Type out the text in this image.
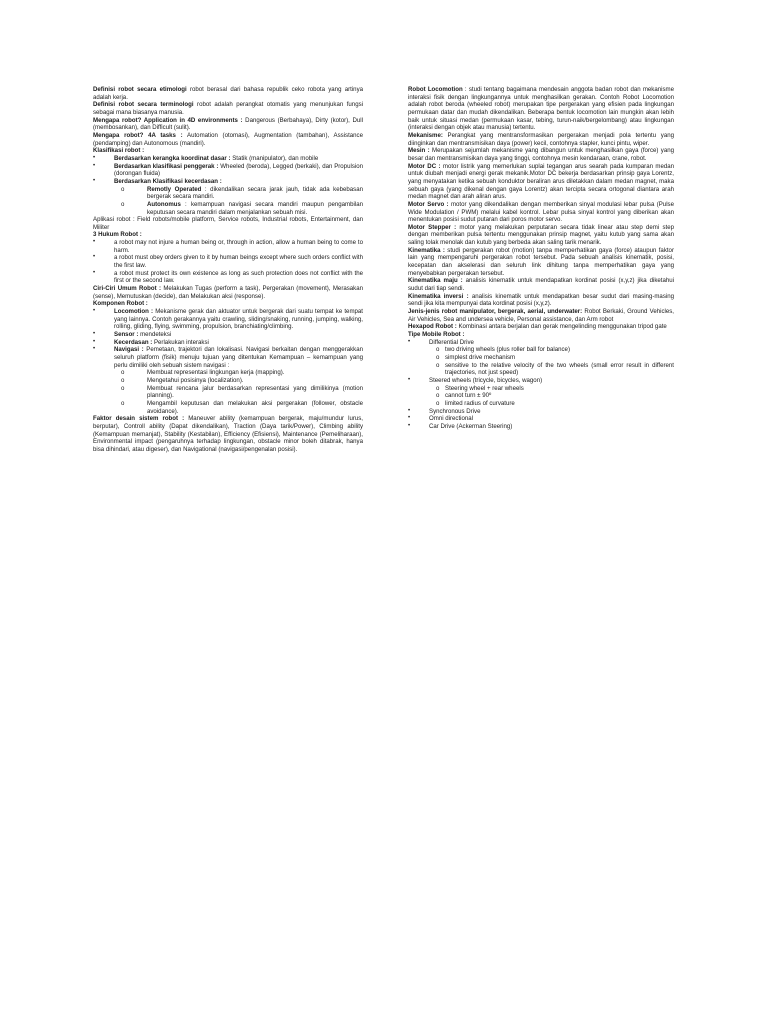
Definisi robot secara etimologi robot berasal dari bahasa republik ceko robota yang artinya adalah kerja.

Definisi robot secara terminologi robot adalah perangkat otomatis yang menunjukan fungsi sebagai mana biasanya manusia.

Mengapa robot? Application in 4D environments : Dangerous (Berbahaya), Dirty (kotor), Dull (membosankan), dan Difficult (sulit).

Mengapa robot? 4A tasks : Automation (otomasi), Augmentation (tambahan), Assistance (pendamping) dan Autonomous (mandiri).

Klasifikasi robot :

•	Berdasarkan kerangka koordinat dasar : Statik (manipulator), dan mobile
•	Berdasarkan klasifikasi penggerak : Wheeled (beroda), Legged (berkaki), dan Propulsion (dorongan fluida)
•	Berdasarkan Klasifikasi kecerdasan :
o	Remotly Operated : dikendalikan secara jarak jauh, tidak ada kebebasan bergerak secara mandiri.
o	Autonomus : kemampuan navigasi secara mandiri maupun pengambilan keputusan secara mandiri dalam menjalankan sebuah misi.

Aplikasi robot : Field robots/mobile platform, Service robots, Industrial robots, Entertainment, dan Militer

3 Hukum Robot :

•	a robot may not injure a human being or, through in action, allow a human being to come to harm.
•	a robot must obey orders given to it by human beings except where such orders conflict with the first law.
•	a robot must protect its own existence as long as such protection does not conflict with the first or the second law.

Ciri-Ciri Umum Robot : Melakukan Tugas (perform a task), Pergerakan (movement), Merasakan (sense), Memutuskan (decide), dan Melakukan aksi (response).

Komponen Robot :

•	Locomotion : Mekanisme gerak dan aktuator untuk bergerak dari suatu tempat ke tempat yang lainnya. Contoh gerakannya yaitu crawling, sliding/snaking, running, jumping, walking, rolling, gliding, flying, swimming, propulsion, branchiating/climbing.
•	Sensor : mendeteksi
•	Kecerdasan : Perlakukan interaksi
•	Navigasi : Pemetaan, trajektori dan lokalisasi. Navigasi berkaitan dengan menggerakkan seluruh platform (fisik) menuju tujuan yang ditentukan Kemampuan – kemampuan yang perlu dimiliki oleh sebuah sistem navigasi :
o	Membuat representasi lingkungan kerja (mapping).
o	Mengetahui posisinya (localization).
o	Membuat rencana jalur berdasarkan representasi yang dimilikinya (motion planning).
o	Mengambil keputusan dan melakukan aksi pergerakan (follower, obstacle avoidance).

Faktor desain sistem robot : Maneuver ability (kemampuan bergerak, maju/mundur lurus, berputar), Controll ability (Dapat dikendalikan), Traction (Daya tarik/Power), Climbing ability (Kemampuan memanjat), Stability (Kestabilan), Efficiency (Efisiensi), Maintenance (Pemeliharaan), Environmental impact (pengaruhnya terhadap lingkungan, obstacle minor boleh ditabrak, hanya bisa dihindari, atau digeser), dan Navigational (navigasi/pengenalan posisi).

Robot Locomotion : studi tentang bagaimana mendesain anggota badan robot dan mekanisme interaksi fisik dengan lingkungannya untuk menghasilkan gerakan. Contoh Robot Locomotion adalah robot beroda (wheeled robot) merupakan tipe pergerakan yang efisien pada lingkungan permukaan datar dan mudah dikendalikan. Beberapa bentuk locomotion lain mungkin akan lebih baik untuk situasi medan (permukaan kasar, tebing, turun-naik/bergelombang) atau lingkungan (interaksi dengan objek atau manusia) tertentu.

Mekanisme: Perangkat yang mentransformasikan pergerakan menjadi pola tertentu yang diinginkan dan mentransmisikan daya (power) kecil, contohnya stapler, kunci pintu, wiper.

Mesin : Merupakan sejumlah mekanisme yang dibangun untuk menghasilkan gaya (force) yang besar dan mentransmisikan daya yang tinggi, contohnya mesin kendaraan, crane, robot.

Motor DC : motor listrik yang memerlukan suplai tegangan arus searah pada kumparan medan untuk diubah menjadi energi gerak mekanik.Motor DC bekerja berdasarkan prinsip gaya Lorentz, yang menyatakan ketika sebuah konduktor beraliran arus diletakkan dalam medan magnet, maka sebuah gaya (yang dikenal dengan gaya Lorentz) akan tercipta secara ortogonal diantara arah medan magnet dan arah aliran arus.

Motor Servo : motor yang dikendalikan dengan memberikan sinyal modulasi lebar pulsa (Pulse Wide Modulation / PWM) melalui kabel kontrol. Lebar pulsa sinyal kontrol yang diberikan akan menentukan posisi sudut putaran dari poros motor servo.

Motor Stepper : motor yang melakukan perputaran secara tidak linear atau step demi step dengan memberikan pulsa tertentu menggunakan prinsip magnet, yaitu kutub yang sama akan saling tolak menolak dan kutub yang berbeda akan saling tarik menarik.

Kinematika : studi pergerakan robot (motion) tanpa memperhatikan gaya (force) ataupun faktor lain yang mempengaruhi pergerakan robot tersebut. Pada sebuah analisis kinematik, posisi, kecepatan dan akselerasi dan seluruh link dihitung tanpa memperhatikan gaya yang menyebabkan pergerakan tersebut.

Kinematika maju : analisis kinematik untuk mendapatkan kordinat posisi (x,y,z) jika diketahui sudut dari tiap sendi.

Kinematika inversi : analisis kinematik untuk mendapatkan besar sudut dari masing-masing sendi jika kita mempunyai data kordinat posisi (x,y,z).

Jenis-jenis robot manipulator, bergerak, aerial, underwater: Robot Berkaki, Ground Vehicles, Air Vehicles, Sea and undersea vehicle, Personal assistance, dan Arm robot

Hexapod Robot : Kombinasi antara berjalan dan gerak mengelinding menggunakan tripod gate

Tipe Mobile Robot :

•	Differential Drive
o two driving wheels (plus roller ball for balance)
o simplest drive mechanism
o sensitive to the relative velocity of the two wheels (small error result in different trajectories, not just speed)
•	Steered wheels (tricycle, bicycles, wagon)
o Steering wheel + rear wheels
o cannot turn ± 90º
o limited radius of curvature
•	Synchronous Drive
•	Omni directional
•	Car Drive (Ackerman Steering)
